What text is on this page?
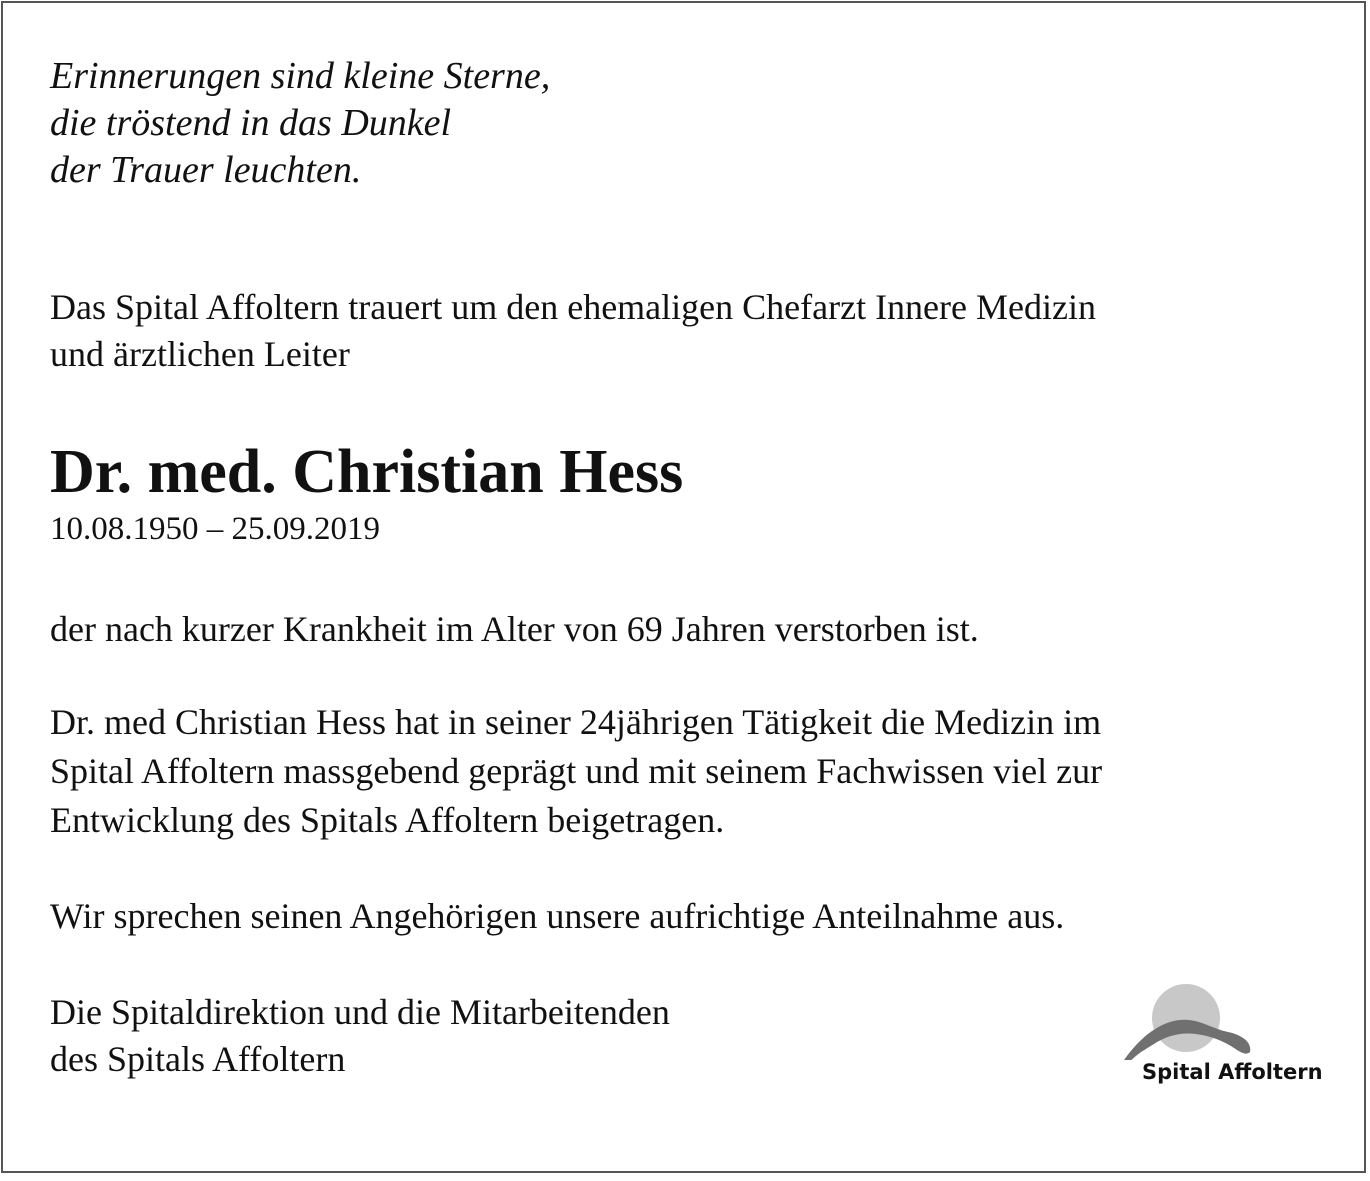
Erinnerungen sind kleine Sterne,
die tröstend in das Dunkel
der Trauer leuchten.
Das Spital Affoltern trauert um den ehemaligen Chefarzt Innere Medizin
und ärztlichen Leiter
Dr. med. Christian Hess
10.08.1950 – 25.09.2019
der nach kurzer Krankheit im Alter von 69 Jahren verstorben ist.
Dr. med Christian Hess hat in seiner 24jährigen Tätigkeit die Medizin im
Spital Affoltern massgebend geprägt und mit seinem Fachwissen viel zur
Entwicklung des Spitals Affoltern beigetragen.
Wir sprechen seinen Angehörigen unsere aufrichtige Anteilnahme aus.
Die Spitaldirektion und die Mitarbeitenden
des Spitals Affoltern	Spital Affoltern
